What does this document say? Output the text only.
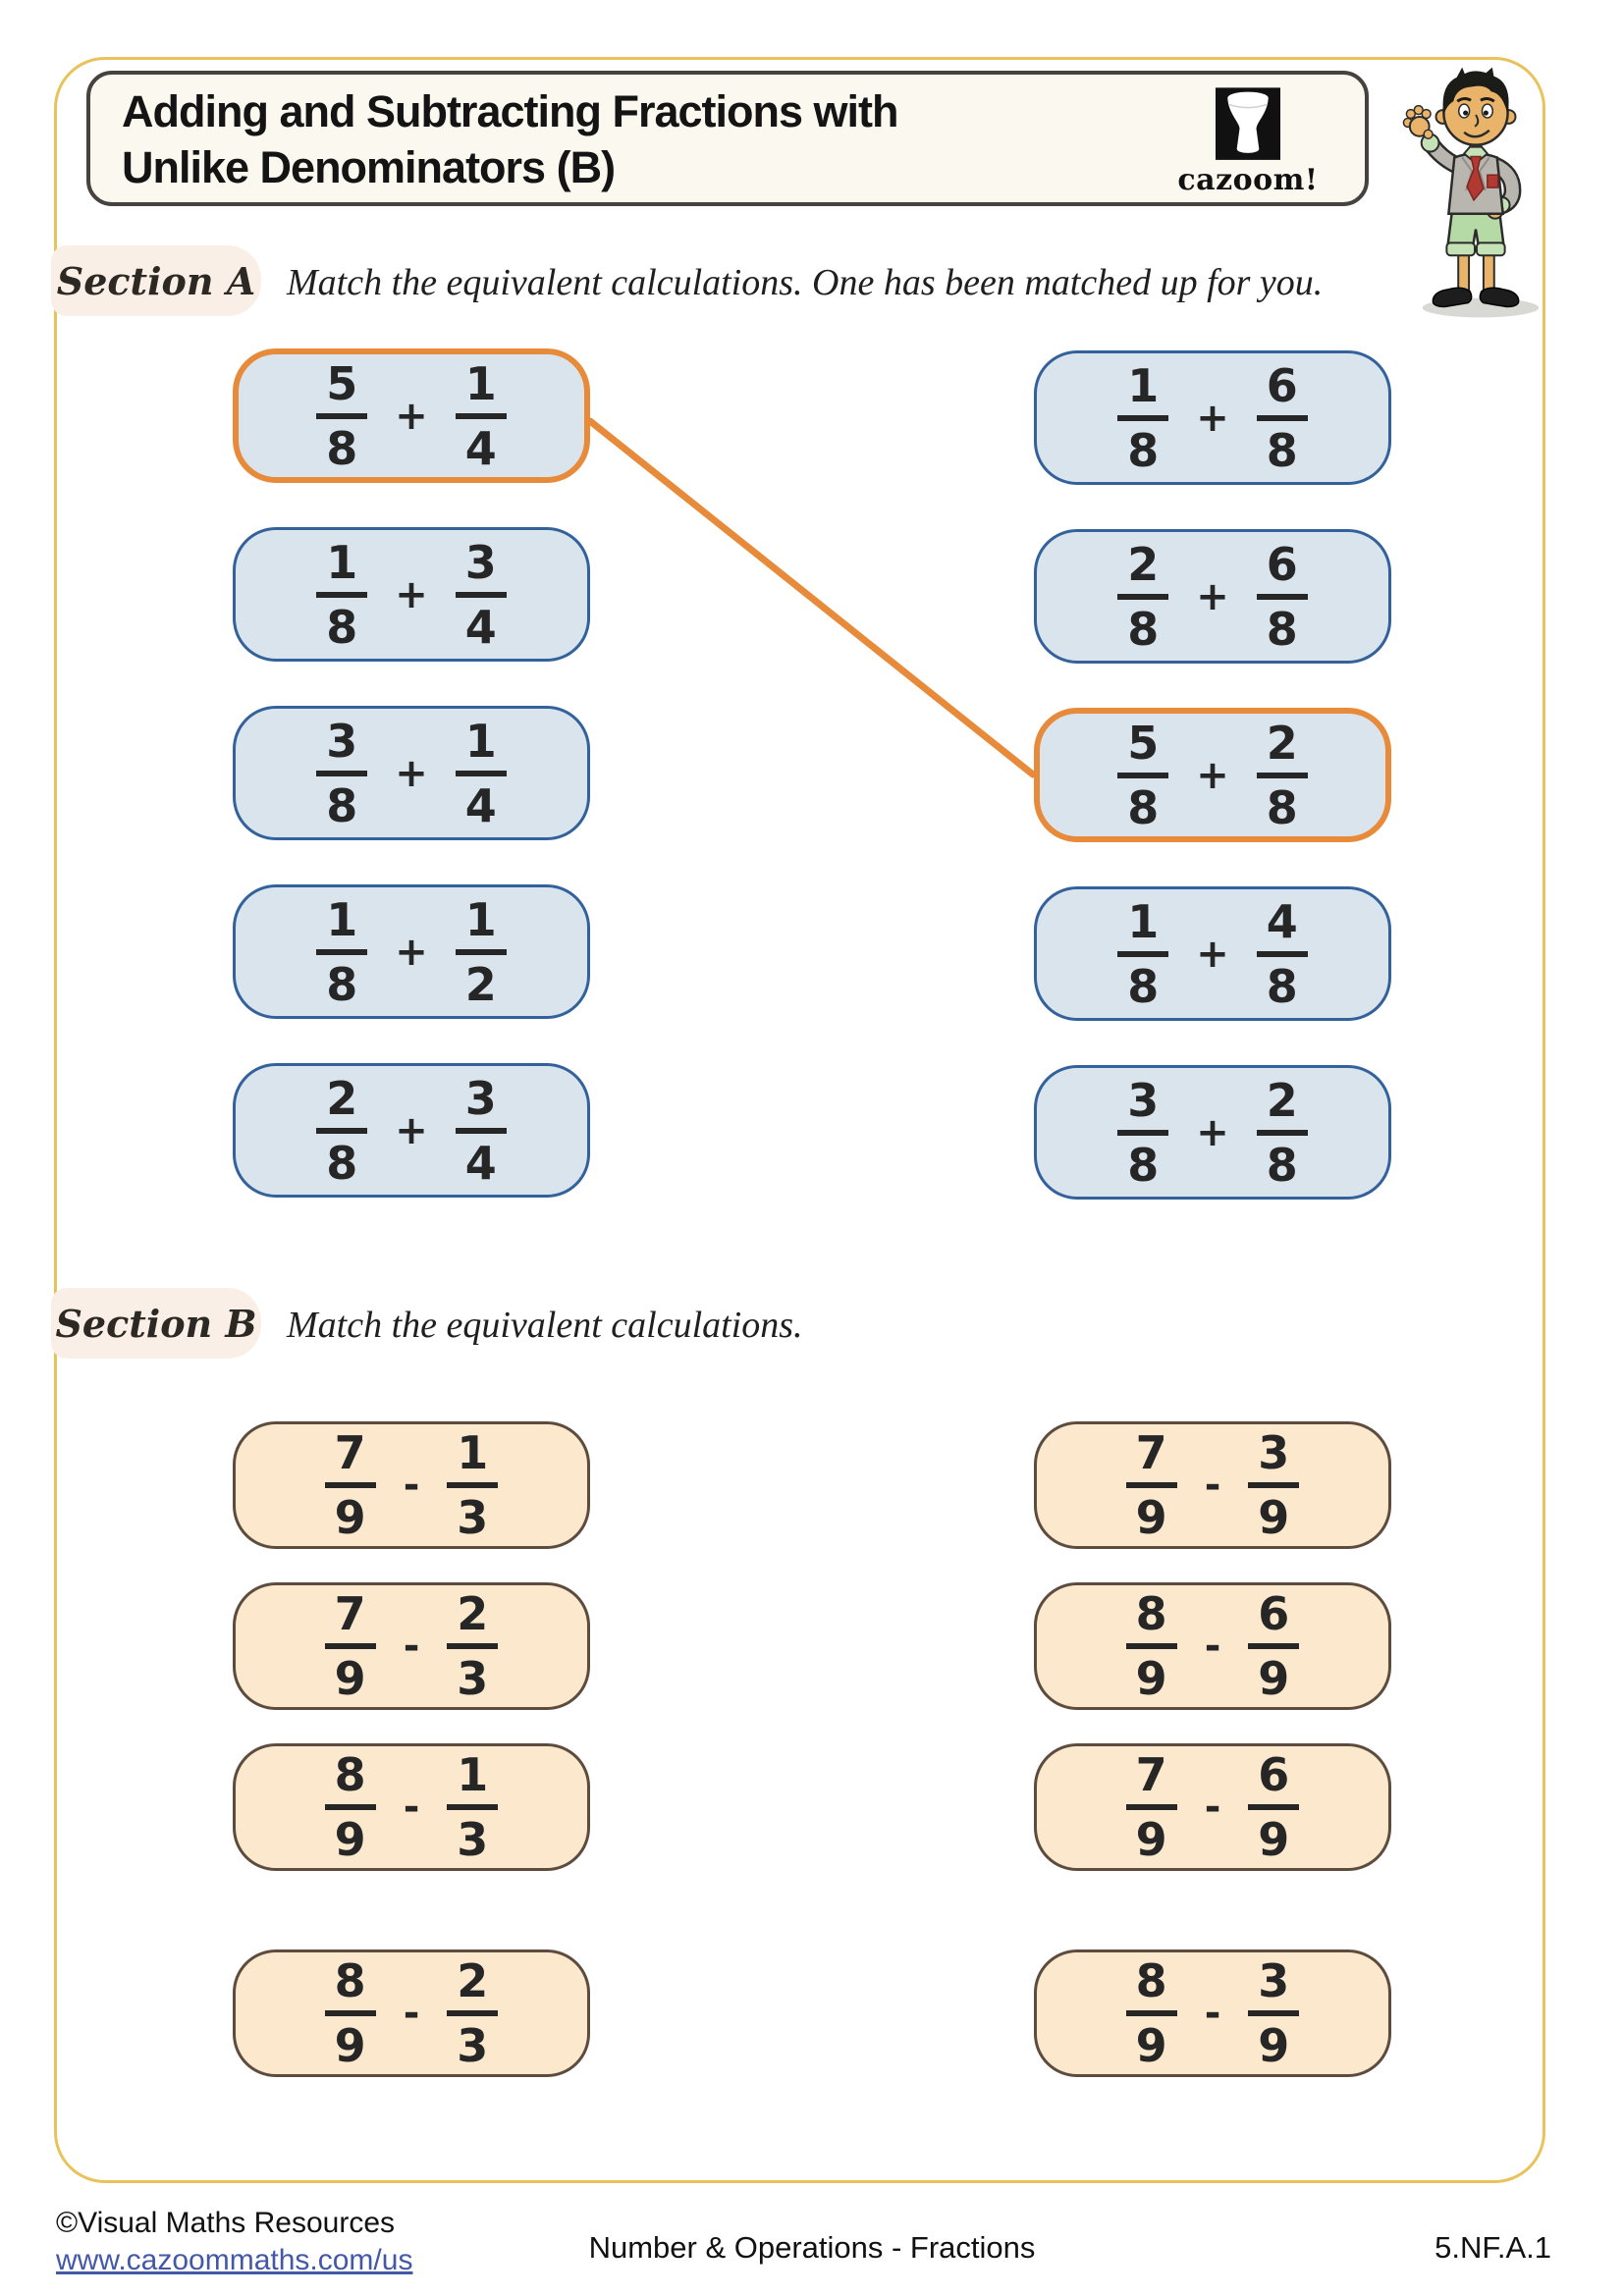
Adding and Subtracting Fractions with
Unlike Denominators (B)	cazoom!
Section A Match the equivalent calculations. One has been matched up for you.
$\frac{5}{8} + \frac{1}{4}$
$\frac{1}{8} + \frac{3}{4}$
$\frac{3}{8} + \frac{1}{4}$
$\frac{1}{8} + \frac{1}{2}$
$\frac{2}{8} + \frac{3}{4}$
$\frac{1}{8} + \frac{6}{8}$
$\frac{2}{8} + \frac{6}{8}$
$\frac{5}{8} + \frac{2}{8}$
$\frac{1}{8} + \frac{4}{8}$
$\frac{3}{8} + \frac{2}{8}$
Section B Match the equivalent calculations.
$\frac{7}{9} - \frac{1}{3}$
$\frac{7}{9} - \frac{2}{3}$
$\frac{8}{9} - \frac{1}{3}$
$\frac{8}{9} - \frac{2}{3}$
$\frac{7}{9} - \frac{3}{9}$
$\frac{8}{9} - \frac{6}{9}$
$\frac{7}{9} - \frac{6}{9}$
$\frac{8}{9} - \frac{3}{9}$
©Visual Maths Resources
www.cazoommaths.com/us	Number & Operations - Fractions	5.NF.A.1
